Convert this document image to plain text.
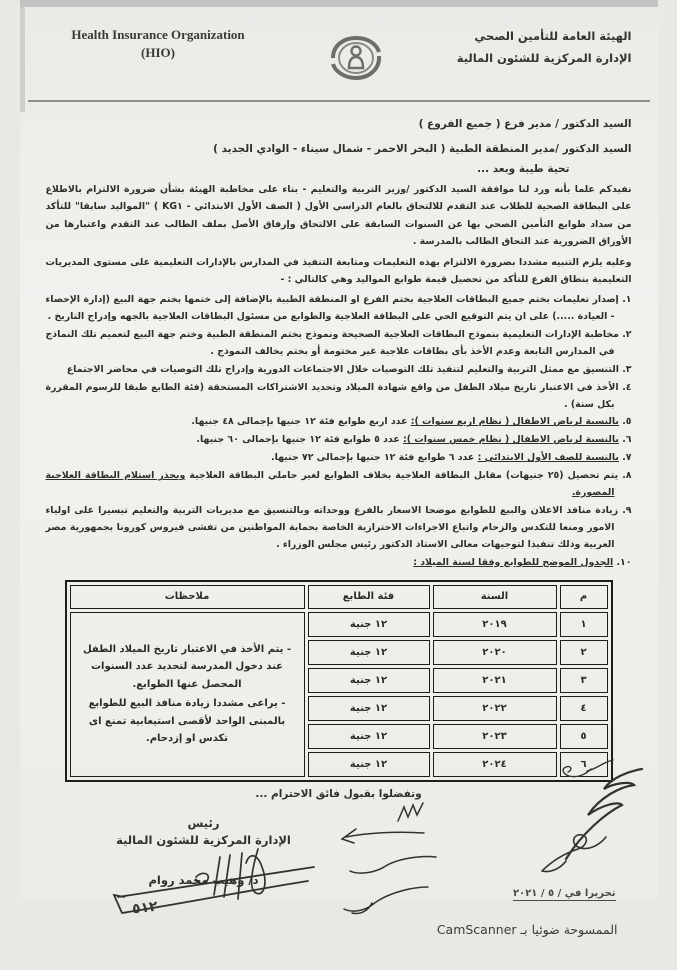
الهيئة العامة للتأمين الصحي
الإدارة المركزية للشئون المالية
Health Insurance Organization
(HIO)
السيد الدكتور / مدير فرع ( جميع الفروع )
السيد الدكتور /مدير المنطقة الطبية ( البحر الاحمر - شمال سيناء - الوادي الجديد )
تحية طيبة وبعد ...

نفيدكم علما بأنه ورد لنا موافقة السيد الدكتور /وزير التربية والتعليم - بناء على مخاطبة الهيئة بشأن ضرورة الالتزام بالاطلاع على البطاقة الصحية للطلاب عند التقدم للالتحاق بالعام الدراسي الأول ( الصف الأول الابتدائي - KG١ ) "المواليد سابقا" للتأكد من سداد طوابع التأمين الصحي بها عن السنوات السابقة على الالتحاق وإرفاق الأصل بملف الطالب عند التقدم واعتبارها من الأوراق الضرورية عند التحاق الطالب بالمدرسة .

وعليه يلزم التنبيه مشددا بضرورة الالتزام بهذه التعليمات ومتابعة التنفيذ في المدارس بالإدارات التعليمية على مستوى المديريات التعليمية بنطاق الفرع للتأكد من تحصيل قيمة طوابع المواليد وهي كالتالي : -

١. إصدار تعليمات بختم جميع البطاقات العلاجية بختم الفرع او المنطقة الطبية بالإضافة إلى ختمها بختم جهة البيع (إدارة الإحصاء - العيادة .....) على ان يتم التوقيع الحي على البطاقة العلاجية والطوابع من مسئول البطاقات العلاجية بالجهه وإدراج التاريخ .
٢. مخاطبة الإدارات التعليمية بنموذج البطاقات العلاجية الصحيحة ونموذج بختم المنطقة الطبية وختم جهة البيع لتعميم تلك النماذج في المدارس التابعة وعدم الأخذ بأى بطاقات علاجية غير مختومة أو بختم يخالف النموذج .
٣. التنسيق مع ممثل التربية والتعليم لتنفيذ تلك التوصيات خلال الاجتماعات الدورية وإدراج تلك التوصيات في محاضر الاجتماع
٤. الأخذ في الاعتبار تاريخ ميلاد الطفل من واقع شهادة الميلاد وتحديد الاشتراكات المستحقة (فئة الطابع طبقا للرسوم المقررة بكل سنة) .
٥. بالنسبة لرياض الاطفال ( نظام اربع سنوات ): عدد اربع طوابع فئة ١٢ جنيها بإجمالى ٤٨ جنيها.
٦. بالنسبة لرياض الاطفال ( نظام خمس سنوات ): عدد ٥ طوابع فئة ١٢ جنيها بإجمالى ٦٠ جنيها.
٧. بالنسبة للصف الأول الابتدائي : عدد ٦ طوابع فئة ١٢ جنيها بإجمالى ٧٢ جنيها.
٨. يتم تحصيل (٢٥ جنيهات) مقابل البطاقة العلاجية بخلاف الطوابع لغير حاملي البطاقة العلاجية ويحذر استلام البطاقة العلاجية المصورة.
٩. زيادة منافذ الاعلان والبيع للطوابع موضحا الاسعار بالفرع ووحداته وبالتنسيق مع مديريات التربية والتعليم تيسيرا على اولياء الامور ومنعا للتكدس والزحام واتباع الاجراءات الاحترازية الخاصة بحماية المواطنين من تفشى فيروس كورونا بجمهورية مصر العربية وذلك تنفيذا لتوجيهات معالى الاستاذ الدكتور رئيس مجلس الوزراء .
١٠. الجدول الموضح للطوابع وفقا لسنة الميلاد :
م	السنة	فئة الطابع	ملاحظات
١	٢٠١٩	١٢ جنية	- يتم الأخذ في الاعتبار تاريخ الميلاد الطفل عند دخول المدرسة لتحديد عدد السنوات المحصل عنها الطوابع.
- يراعى مشددا زيادة منافذ البيع للطوابع بالمبنى الواحد لأقصى استيعابية تمنع اى تكدس او إزدحام.

٢	٢٠٢٠	١٢ جنية	
٣	٢٠٢١	١٢ جنية	
٤	٢٠٢٢	١٢ جنية	
٥	٢٠٢٣	١٢ جنية	
٦	٢٠٢٤	١٢ جنية	
وتفضلوا بقبول فائق الاحترام ...
رئيس
الإدارة المركزية للشئون المالية
د/ وهيب محمد روام
٥١٢
تحريرا في / ٥ / ٢٠٢١
الممسوحة ضوئيا بـ CamScanner
